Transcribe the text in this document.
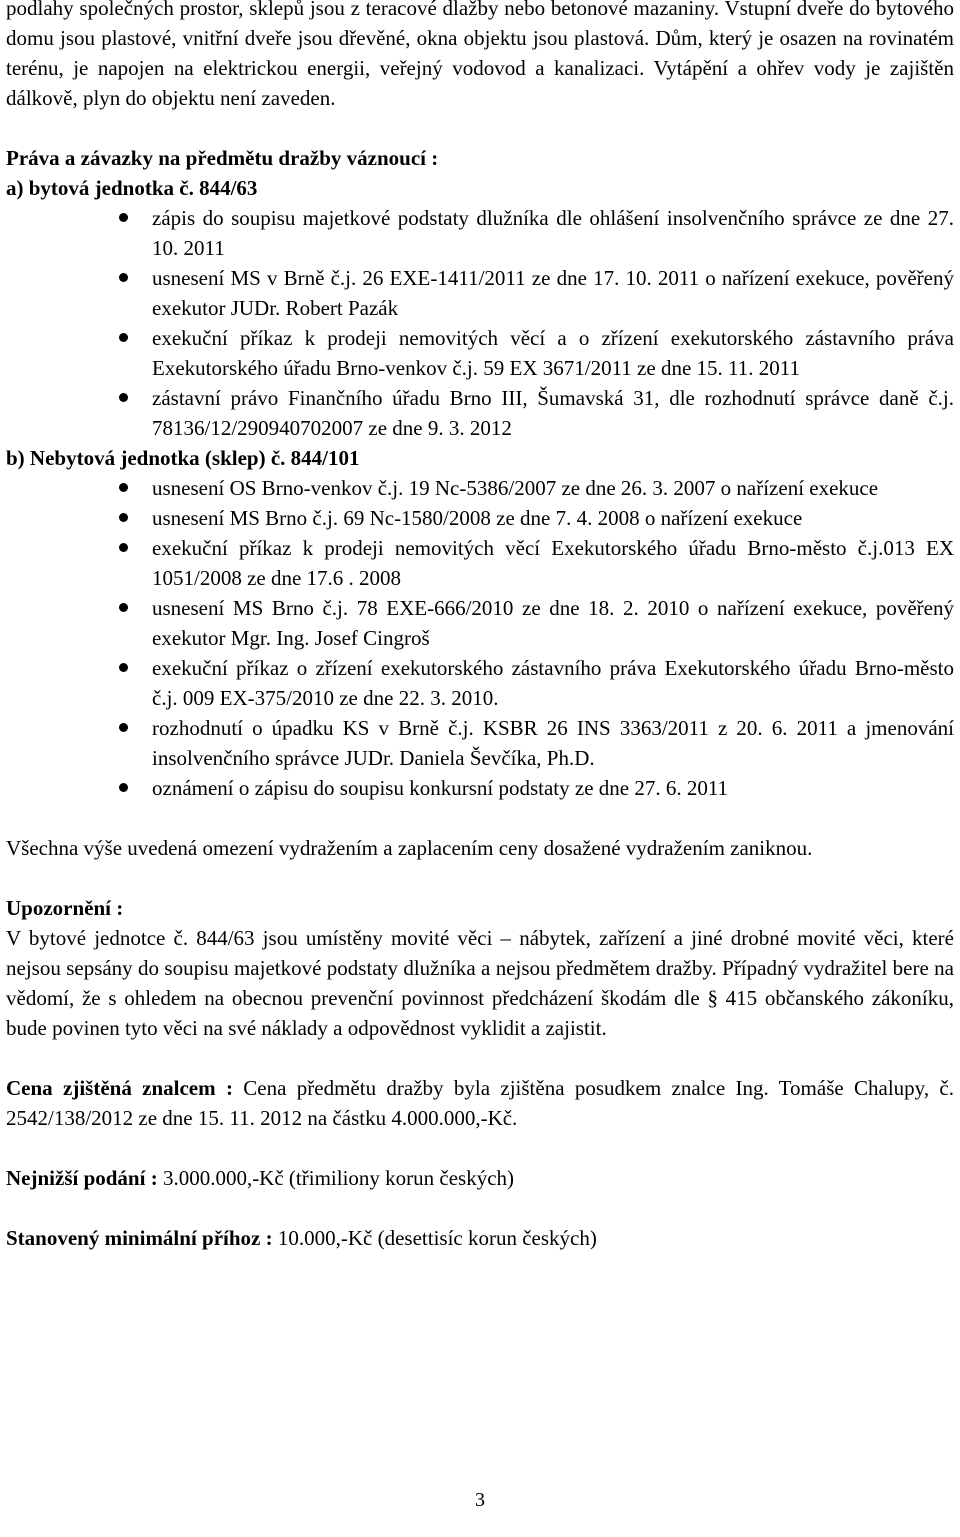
podlahy společných prostor, sklepů jsou z teracové dlažby nebo betonové mazaniny. Vstupní dveře do bytového domu jsou plastové, vnitřní dveře jsou dřevěné, okna objektu jsou plastová. Dům, který je osazen na rovinatém terénu, je napojen na elektrickou energii, veřejný vodovod a kanalizaci. Vytápění a ohřev vody je zajištěn dálkově, plyn do objektu není zaveden.

Práva a závazky na předmětu dražby váznoucí :
a) bytová jednotka č. 844/63
zápis do soupisu majetkové podstaty dlužníka dle ohlášení insolvenčního správce ze dne 27. 10. 2011
usnesení MS v Brně č.j. 26 EXE-1411/2011 ze dne 17. 10. 2011 o nařízení exekuce, pověřený exekutor JUDr. Robert Pazák
exekuční příkaz k prodeji nemovitých věcí a o zřízení exekutorského zástavního práva Exekutorského úřadu Brno-venkov č.j. 59 EX 3671/2011 ze dne 15. 11. 2011
zástavní právo Finančního úřadu Brno III, Šumavská 31, dle rozhodnutí správce daně č.j. 78136/12/290940702007 ze dne 9. 3. 2012
b) Nebytová jednotka (sklep) č. 844/101
usnesení OS Brno-venkov č.j. 19 Nc-5386/2007 ze dne 26. 3. 2007 o nařízení exekuce
usnesení MS Brno č.j. 69 Nc-1580/2008 ze dne 7. 4. 2008 o nařízení exekuce
exekuční příkaz k prodeji nemovitých věcí Exekutorského úřadu Brno-město č.j.013 EX 1051/2008 ze dne 17.6 . 2008
usnesení MS Brno č.j. 78 EXE-666/2010 ze dne 18. 2. 2010 o nařízení exekuce, pověřený exekutor Mgr. Ing. Josef Cingroš
exekuční příkaz o zřízení exekutorského zástavního práva Exekutorského úřadu Brno-město č.j. 009 EX-375/2010 ze dne 22. 3. 2010.
rozhodnutí o úpadku KS v Brně č.j. KSBR 26 INS 3363/2011 z 20. 6. 2011 a jmenování insolvenčního správce JUDr. Daniela Ševčíka, Ph.D.
oznámení o zápisu do soupisu konkursní podstaty ze dne 27. 6. 2011

Všechna výše uvedená omezení vydražením a zaplacením ceny dosažené vydražením zaniknou.

Upozornění :

V bytové jednotce č. 844/63 jsou umístěny movité věci – nábytek, zařízení a jiné drobné movité věci, které nejsou sepsány do soupisu majetkové podstaty dlužníka a nejsou předmětem dražby. Případný vydražitel bere na vědomí, že s ohledem na obecnou prevenční povinnost předcházení škodám dle § 415 občanského zákoníku, bude povinen tyto věci na své náklady a odpovědnost vyklidit a zajistit.

Cena zjištěná znalcem : Cena předmětu dražby byla zjištěna posudkem znalce Ing. Tomáše Chalupy, č. 2542/138/2012 ze dne 15. 11. 2012 na částku 4.000.000,-Kč.

Nejnižší podání : 3.000.000,-Kč (třimiliony korun českých)

Stanovený minimální příhoz : 10.000,-Kč (desettisíc korun českých)

3
